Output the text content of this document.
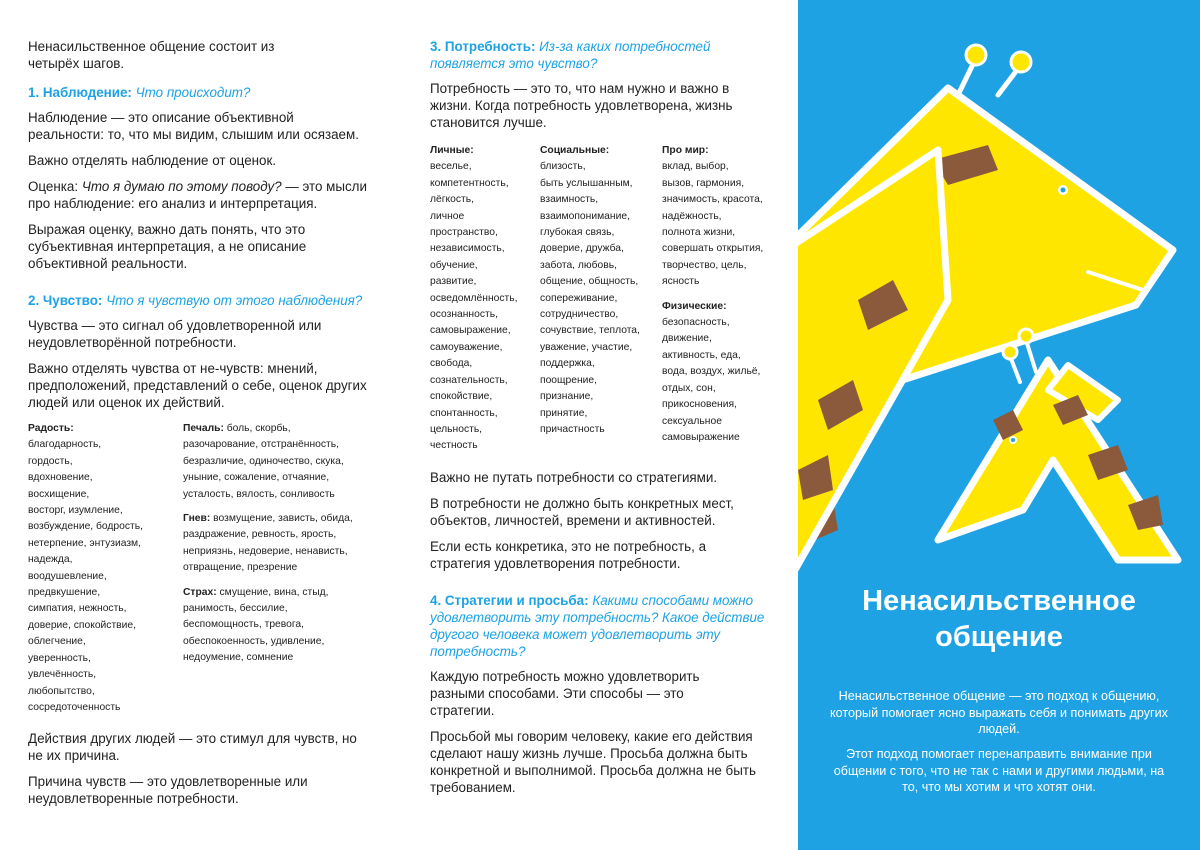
Ненасильственное общение состоит из четырёх шагов.

1. Наблюдение: Что происходит?

Наблюдение — это описание объективной реальности: то, что мы видим, слышим или осязаем.

Важно отделять наблюдение от оценок.

Оценка: Что я думаю по этому поводу? — это мысли про наблюдение: его анализ и интерпретация.

Выражая оценку, важно дать понять, что это субъективная интерпретация, а не описание объективной реальности.

2. Чувство: Что я чувствую от этого наблюдения?

Чувства — это сигнал об удовлетворенной или неудовлетворённой потребности.

Важно отделять чувства от не-чувств: мнений, предположений, представлений о себе, оценок других людей или оценок их действий.

Радость:
благодарность,
гордость,
вдохновение,
восхищение,
восторг, изумление,
возбуждение, бодрость,
нетерпение, энтузиазм,
надежда,
воодушевление,
предвкушение,
симпатия, нежность,
доверие, спокойствие,
облегчение,
уверенность,
увлечённость,
любопытство,
сосредоточенность
Печаль: боль, скорбь,
разочарование, отстранённость,
безразличие, одиночество, скука,
уныние, сожаление, отчаяние,
усталость, вялость, сонливость
Гнев: возмущение, зависть, обида,
раздражение, ревность, ярость,
неприязнь, недоверие, ненависть,
отвращение, презрение
Страх: смущение, вина, стыд,
ранимость, бессилие,
беспомощность, тревога,
обеспокоенность, удивление,
недоумение, сомнение

Действия других людей — это стимул для чувств, но не их причина.

Причина чувств — это удовлетворенные или неудовлетворенные потребности.

3. Потребность: Из-за каких потребностей появляется это чувство?

Потребность — это то, что нам нужно и важно в жизни. Когда потребность удовлетворена, жизнь становится лучше.

Личные:
веселье,
компетентность,
лёгкость,
личное
пространство,
независимость,
обучение,
развитие,
осведомлённость,
осознанность,
самовыражение,
самоуважение,
свобода,
сознательность,
спокойствие,
спонтанность,
цельность,
честность
Социальные:
близость,
быть услышанным,
взаимность,
взаимопонимание,
глубокая связь,
доверие, дружба,
забота, любовь,
общение, общность,
сопереживание,
сотрудничество,
сочувствие, теплота,
уважение, участие,
поддержка,
поощрение,
признание,
принятие,
причастность
Про мир:
вклад, выбор,
вызов, гармония,
значимость, красота,
надёжность,
полнота жизни,
совершать открытия,
творчество, цель,
ясность
Физические:
безопасность,
движение,
активность, еда,
вода, воздух, жильё,
отдых, сон,
прикосновения,
сексуальное
самовыражение

Важно не путать потребности со стратегиями.

В потребности не должно быть конкретных мест, объектов, личностей, времени и активностей.

Если есть конкретика, это не потребность, а стратегия удовлетворения потребности.

4. Стратегии и просьба: Какими способами можно удовлетворить эту потребность? Какое действие другого человека может удовлетворить эту потребность?

Каждую потребность можно удовлетворить разными способами. Эти способы — это стратегии.

Просьбой мы говорим человеку, какие его действия сделают нашу жизнь лучше. Просьба должна быть конкретной и выполнимой. Просьба должна не быть требованием.

Ненасильственное
общение

Ненасильственное общение — это подход к общению, который помогает ясно выражать себя и понимать других людей.

Этот подход помогает перенаправить внимание при общении с того, что не так с нами и другими людьми, на то, что мы хотим и что хотят они.
